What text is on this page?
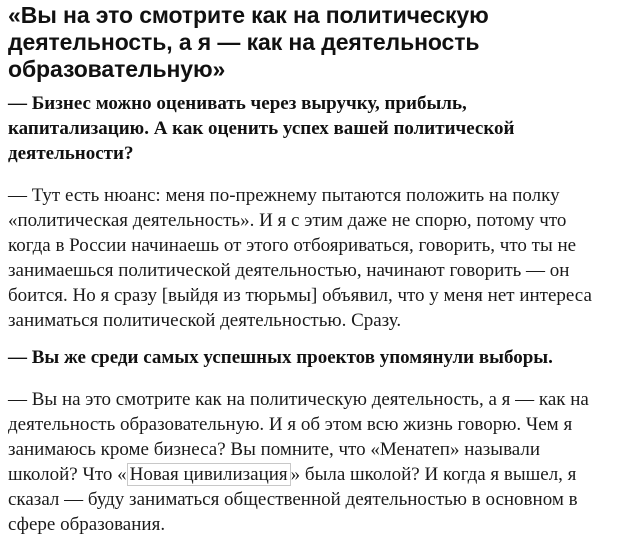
«Вы на это смотрите как на политическую деятельность, а я — как на деятельность образовательную»

— Бизнес можно оценивать через выручку, прибыль, капитализацию. А как оценить успех вашей политической деятельности?

— Тут есть нюанс: меня по-прежнему пытаются положить на полку «политическая деятельность». И я с этим даже не спорю, потому что когда в России начинаешь от этого отбояриваться, говорить, что ты не занимаешься политической деятельностью, начинают говорить — он боится. Но я сразу [выйдя из тюрьмы] объявил, что у меня нет интереса заниматься политической деятельностью. Сразу.

— Вы же среди самых успешных проектов упомянули выборы.

— Вы на это смотрите как на политическую деятельность, а я — как на деятельность образовательную. И я об этом всю жизнь говорю. Чем я занимаюсь кроме бизнеса? Вы помните, что «Менатеп» называли школой? Что « Новая цивилизация » была школой? И когда я вышел, я сказал — буду заниматься общественной деятельностью в основном в сфере образования.
